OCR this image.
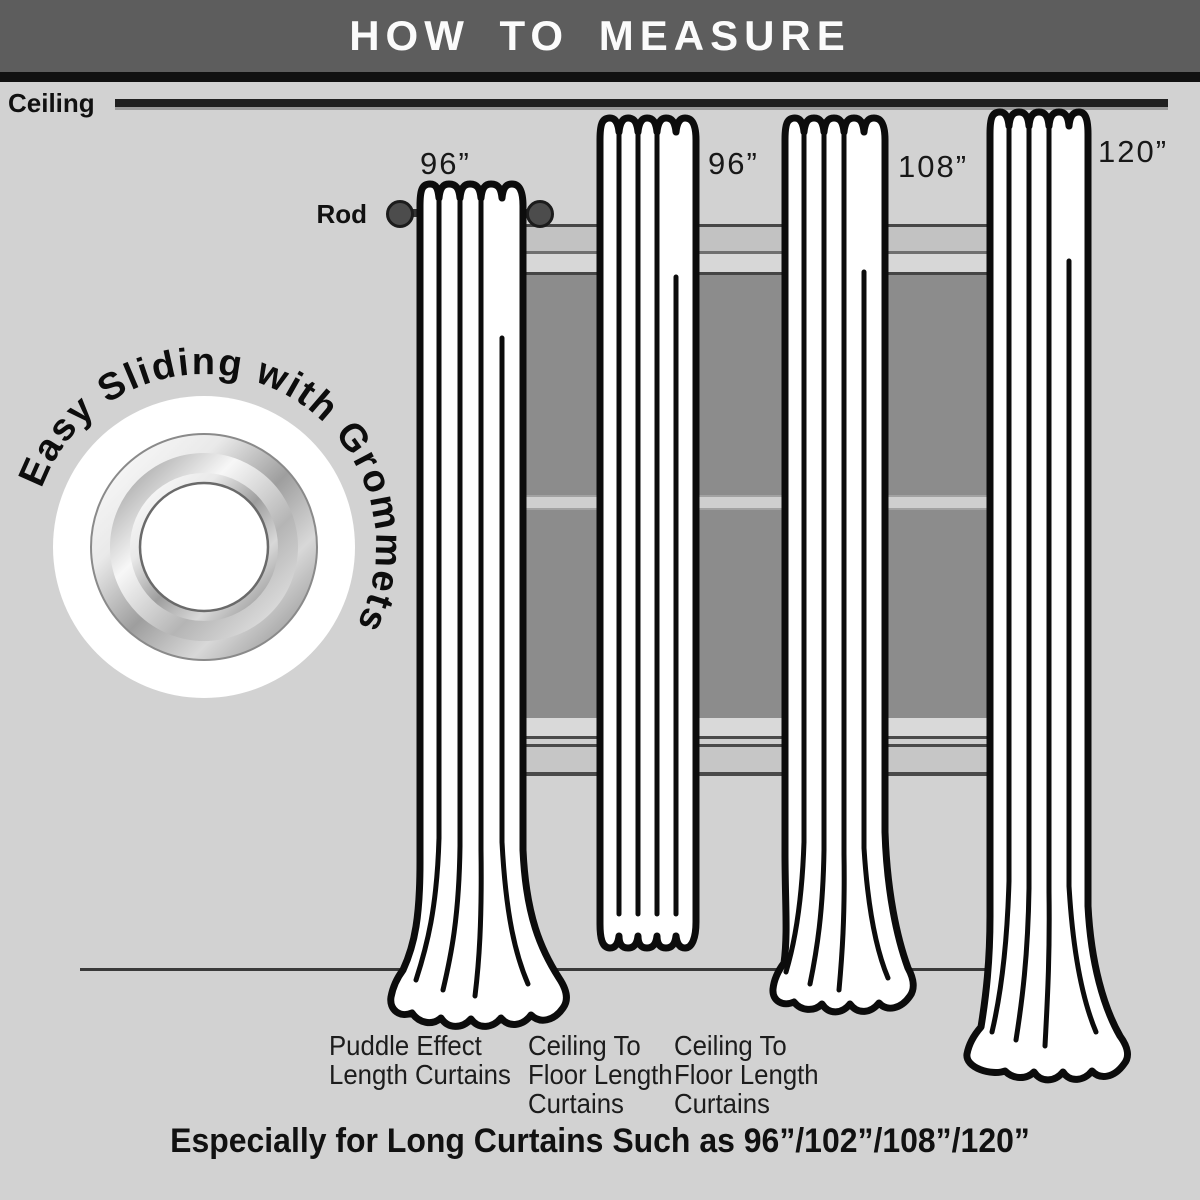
HOW TO MEASURE
Ceiling
Rod
96”	96”	108”	120”
Easy Sliding with Grommets
Puddle Effect
Length Curtains
Ceiling To
Floor Length
Curtains
Ceiling To
Floor Length
Curtains
Especially for Long Curtains Such as 96”/102”/108”/120”
